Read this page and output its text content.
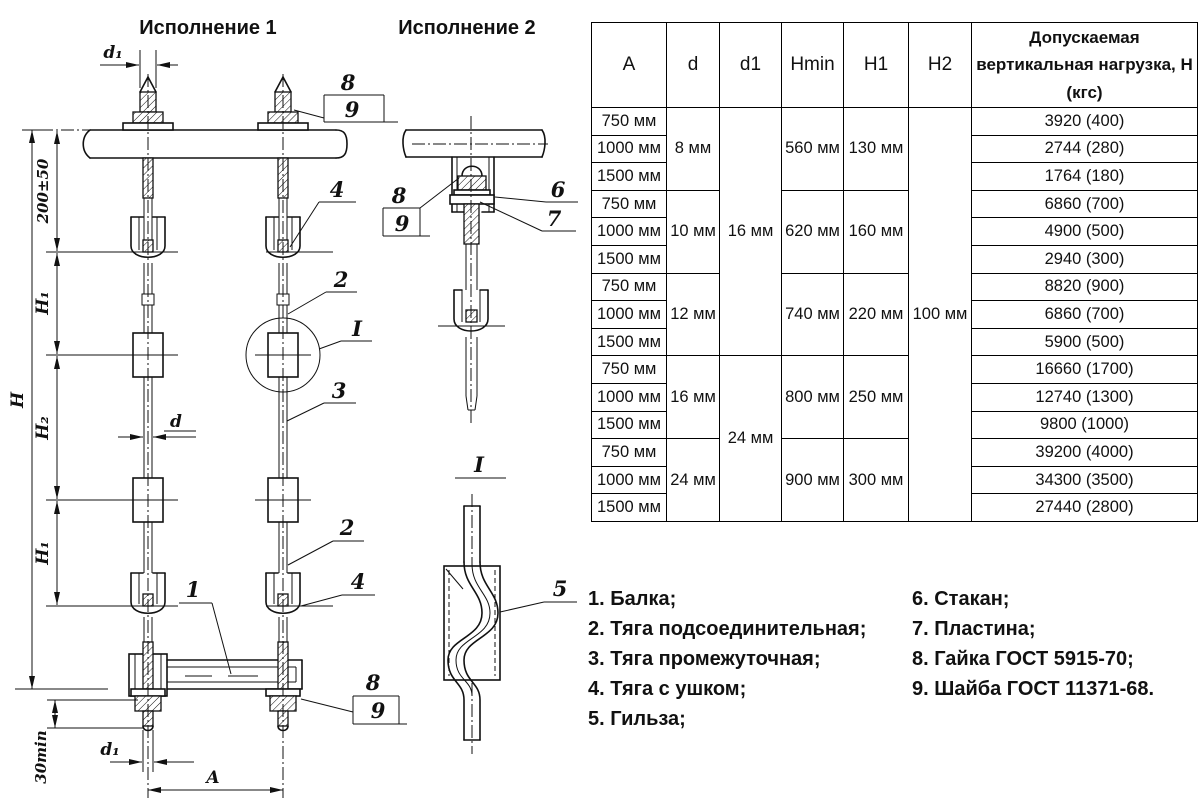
Исполнение 1
d₁
d
d₁
A
30min
H
200±50
H₁
H₂
H₁
8
9
4
2
I
3
2
4
1
8
9
Исполнение 2
8
9
6
7
I
5
A	d	d1	Hmin	H1	H2	Допускаемая вертикальная нагрузка, Н (кгс)
750 мм	8 мм	16 мм	560 мм	130 мм	100 мм	3920 (400)
1000 мм						2744 (280)
1500 мм						1764 (180)
750 мм	10 мм		620 мм	160 мм		6860 (700)
1000 мм						4900 (500)
1500 мм						2940 (300)
750 мм	12 мм		740 мм	220 мм		8820 (900)
1000 мм						6860 (700)
1500 мм						5900 (500)
750 мм	16 мм	24 мм	800 мм	250 мм		16660 (1700)
1000 мм						12740 (1300)
1500 мм						9800 (1000)
750 мм	24 мм		900 мм	300 мм		39200 (4000)
1000 мм						34300 (3500)
1500 мм						27440 (2800)
1. Балка;
2. Тяга подсоединительная;
3. Тяга промежуточная;
4. Тяга с ушком;
5. Гильза;
6. Стакан;
7. Пластина;
8. Гайка ГОСТ 5915-70;
9. Шайба ГОСТ 11371-68.
